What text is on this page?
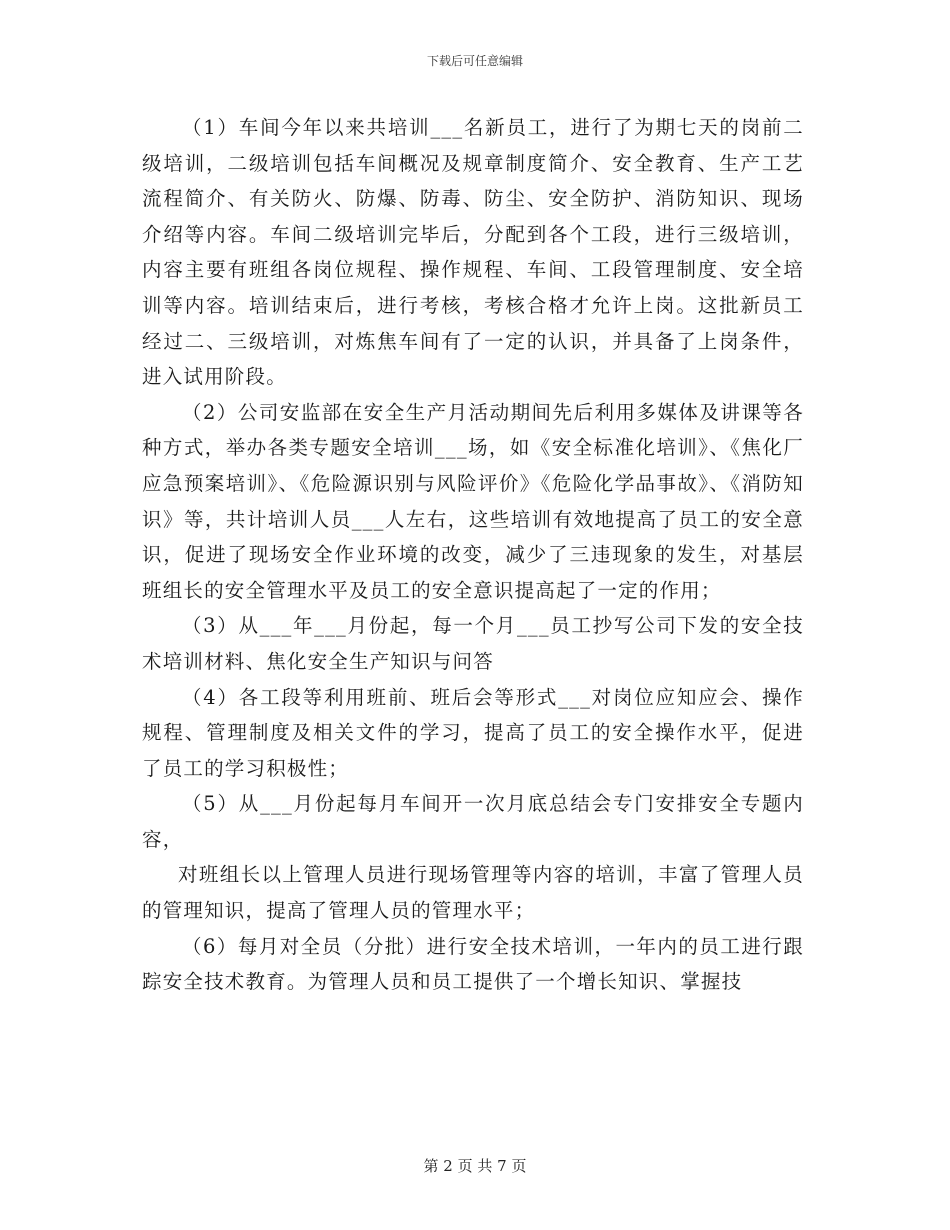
下载后可任意编辑

（1）车间今年以来共培训___名新员工，进行了为期七天的岗前二级培训，二级培训包括车间概况及规章制度简介、安全教育、生产工艺流程简介、有关防火、防爆、防毒、防尘、安全防护、消防知识、现场介绍等内容。车间二级培训完毕后，分配到各个工段，进行三级培训，内容主要有班组各岗位规程、操作规程、车间、工段管理制度、安全培训等内容。培训结束后，进行考核，考核合格才允许上岗。这批新员工经过二、三级培训，对炼焦车间有了一定的认识，并具备了上岗条件，进入试用阶段。

（2）公司安监部在安全生产月活动期间先后利用多媒体及讲课等各种方式，举办各类专题安全培训___场，如《安全标准化培训》、《焦化厂应急预案培训》、《危险源识别与风险评价》《危险化学品事故》、《消防知识》等，共计培训人员___人左右，这些培训有效地提高了员工的安全意识，促进了现场安全作业环境的改变，减少了三违现象的发生，对基层班组长的安全管理水平及员工的安全意识提高起了一定的作用；

（3）从___年___月份起，每一个月___员工抄写公司下发的安全技术培训材料、焦化安全生产知识与问答

（4）各工段等利用班前、班后会等形式___对岗位应知应会、操作规程、管理制度及相关文件的学习，提高了员工的安全操作水平，促进了员工的学习积极性；

（5）从___月份起每月车间开一次月底总结会专门安排安全专题内容，

对班组长以上管理人员进行现场管理等内容的培训，丰富了管理人员的管理知识，提高了管理人员的管理水平；

（6）每月对全员（分批）进行安全技术培训，一年内的员工进行跟踪安全技术教育。为管理人员和员工提供了一个增长知识、掌握技

第 2 页 共 7 页
